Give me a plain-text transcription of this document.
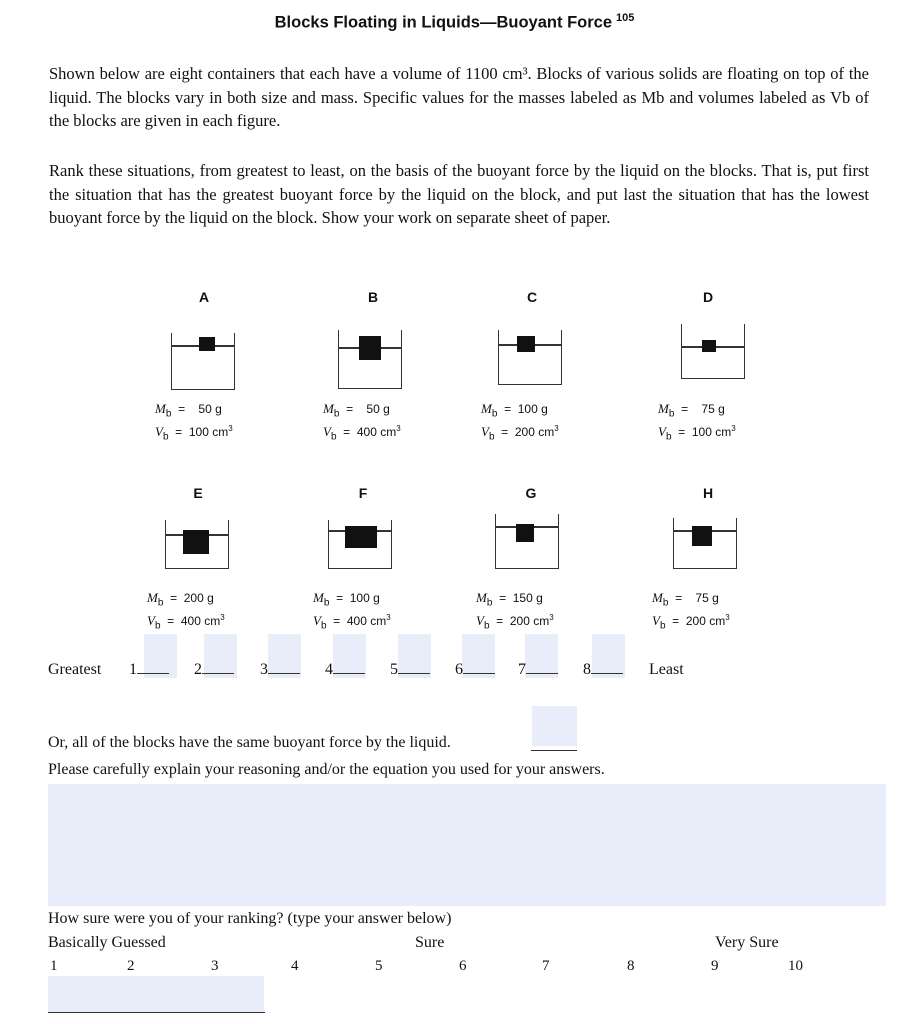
Blocks Floating in Liquids—Buoyant Force $^{105}$
Shown below are eight containers that each have a volume of 1100 cm³. Blocks of various solids are floating on top of the liquid. The blocks vary in both size and mass. Specific values for the masses labeled as Mb and volumes labeled as Vb of the blocks are given in each figure.
Rank these situations, from greatest to least, on the basis of the buoyant force by the liquid on the blocks. That is, put first the situation that has the greatest buoyant force by the liquid on the block, and put last the situation that has the lowest buoyant force by the liquid on the block. Show your work on separate sheet of paper.
A
$M_b$  =    50 g
$V_b = 100$ $cm^3$
B
$M_b$  =    50 g
$V_b = 400$ $cm^3$
C
$M_b = 100$ g
$V_b = 200$ $cm^3$
D
$M_b$  =    75 g
$V_b = 100$ $cm^3$
E
$M_b = 200$ g
$V_b = 400$ $cm^3$
F
$M_b = 100$ g
$V_b = 400$ $cm^3$
G
$M_b = 150$ g
$V_b = 200$ $cm^3$
H
$M_b$  =    75 g
$V_b = 200$ $cm^3$
Greatest 1	2	3	4	5	6	7	8	Least
Or, all of the blocks have the same buoyant force by the liquid.
Please carefully explain your reasoning and/or the equation you used for your answers.
How sure were you of your ranking? (type your answer below)
Basically Guessed	Sure	Very Sure
1	2	3	4	5	6	7	8	9	10
